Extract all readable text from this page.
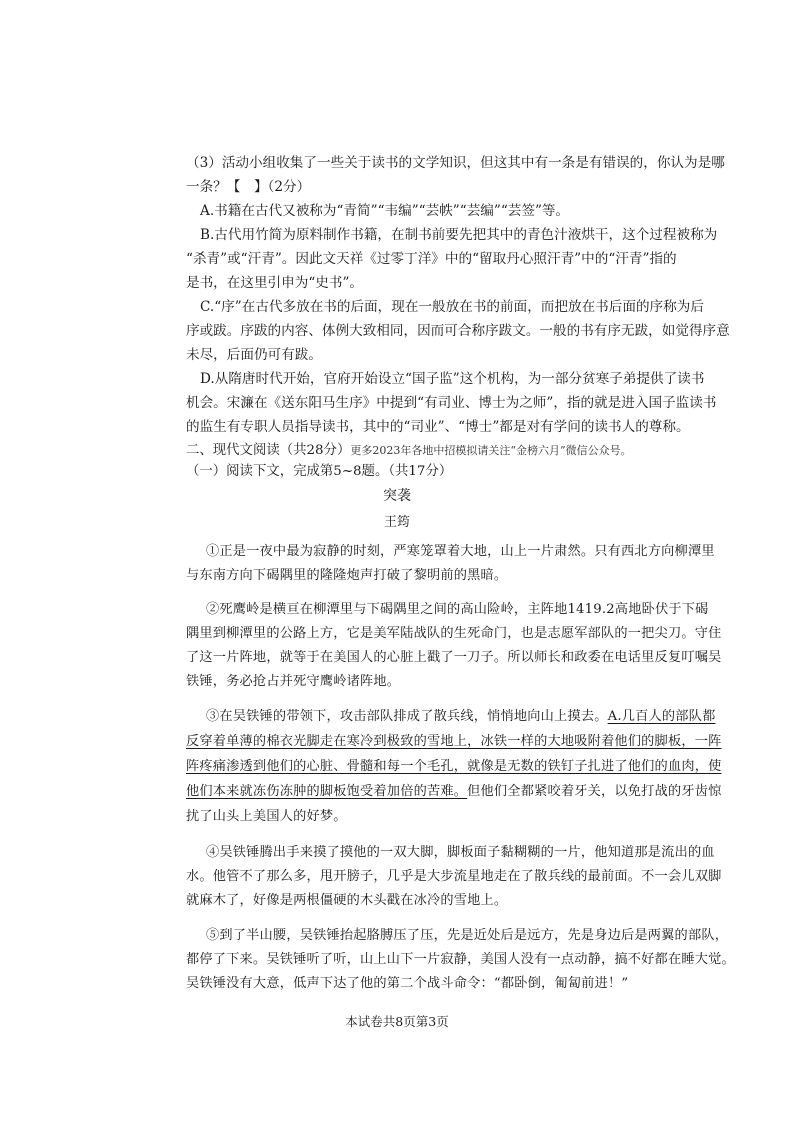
（3）活动小组收集了一些关于读书的文学知识，但这其中有一条是有错误的，你认为是哪
一条？【　】（2分）
A.书籍在古代又被称为“青简”“韦编”“芸帙”“芸编”“芸签”等。
B.古代用竹简为原料制作书籍，在制书前要先把其中的青色汁液烘干，这个过程被称为
“杀青”或“汗青”。因此文天祥《过零丁洋》中的“留取丹心照汗青”中的“汗青”指的
是书，在这里引申为“史书”。
C.“序”在古代多放在书的后面，现在一般放在书的前面，而把放在书后面的序称为后
序或跋。序跋的内容、体例大致相同，因而可合称序跋文。一般的书有序无跋，如觉得序意
未尽，后面仍可有跋。
D.从隋唐时代开始，官府开始设立“国子监”这个机构，为一部分贫寒子弟提供了读书
机会。宋濂在《送东阳马生序》中提到“有司业、博士为之师”，指的就是进入国子监读书
的监生有专职人员指导读书，其中的“司业”、“博士”都是对有学问的读书人的尊称。
二、现代文阅读（共28分）更多2023年各地中招模拟请关注“金榜六月”微信公众号。
（一）阅读下文，完成第5~8题。（共17分）
突袭
王筠
①正是一夜中最为寂静的时刻，严寒笼罩着大地，山上一片肃然。只有西北方向柳潭里
与东南方向下碣隅里的隆隆炮声打破了黎明前的黑暗。
②死鹰岭是横亘在柳潭里与下碣隅里之间的高山险岭，主阵地1419.2高地卧伏于下碣
隅里到柳潭里的公路上方，它是美军陆战队的生死命门，也是志愿军部队的一把尖刀。守住
了这一片阵地，就等于在美国人的心脏上戳了一刀子。所以师长和政委在电话里反复叮嘱吴
铁锤，务必抢占并死守鹰岭诸阵地。
③在吴铁锤的带领下，攻击部队排成了散兵线，悄悄地向山上摸去。A.几百人的部队都
反穿着单薄的棉衣光脚走在寒冷到极致的雪地上，冰铁一样的大地吸附着他们的脚板，一阵
阵疼痛渗透到他们的心脏、骨髓和每一个毛孔，就像是无数的铁钉子扎进了他们的血肉，使
他们本来就冻伤冻肿的脚板饱受着加倍的苦难。但他们全都紧咬着牙关，以免打战的牙齿惊
扰了山头上美国人的好梦。
④吴铁锤腾出手来摸了摸他的一双大脚，脚板面子黏糊糊的一片，他知道那是流出的血
水。他管不了那么多，甩开膀子，几乎是大步流星地走在了散兵线的最前面。不一会儿双脚
就麻木了，好像是两根僵硬的木头戳在冰冷的雪地上。
⑤到了半山腰，吴铁锤抬起胳膊压了压，先是近处后是远方，先是身边后是两翼的部队，
都停了下来。吴铁锤听了听，山上山下一片寂静，美国人没有一点动静，搞不好都在睡大觉。
吴铁锤没有大意，低声下达了他的第二个战斗命令：“都卧倒，匍匐前进！”
本试卷共8页第3页
